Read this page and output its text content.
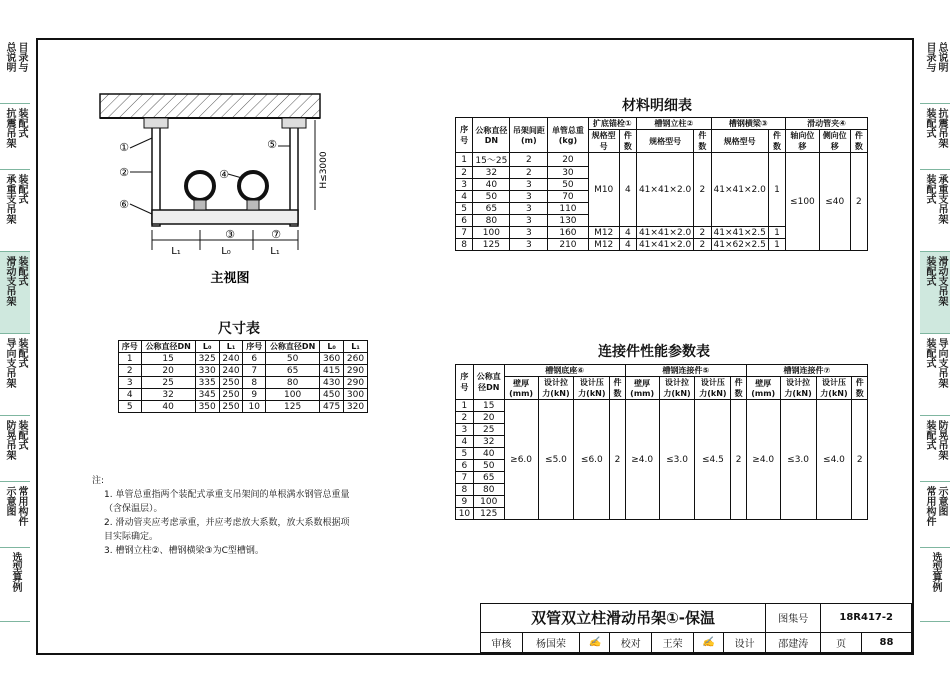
总说明 目录与
抗震吊架 装配式
承重支吊架 装配式
滑动支吊架 装配式
导向支吊架 装配式
防晃吊架 装配式
示意图 常用构件
选型算例
目录与 总说明
装配式 抗震吊架
装配式 承重支吊架
装配式 滑动支吊架
装配式 导向支吊架
装配式 防晃吊架
常用构件 示意图
选型算例
①
②
③
④
⑤
⑥
⑦
L₁	L₀	L₁
H≤3000
主视图
尺寸表
序号	公称直径DN	L₀	L₁	序号	公称直径DN	L₀	L₁
1	15	325	240	6	50	360	260
2	20	330	240	7	65	415	290
3	25	335	250	8	80	430	290
4	32	345	250	9	100	450	300
5	40	350	250	10	125	475	320
注:
1. 单管总重指两个装配式承重支吊架间的单根满水钢管总重量
（含保温层）。
2. 滑动管夹应考虑承重，并应考虑放大系数，放大系数根据项
目实际确定。
3. 槽钢立柱②、槽钢横梁③为C型槽钢。
材料明细表
序号	公称直径DN	吊架间距(m)	单管总重(kg)	扩底锚栓①		槽钢立柱②		槽钢横梁③		滑动管夹④		
				规格型号	件数	规格型号	件数	规格型号	件数	轴向位移	侧向位移	件数
1	15～25	2	20	M10	4	41×41×2.0	2	41×41×2.0	1	≤100	≤40	2
2	32	2	30									
3	40	3	50									
4	50	3	70									
5	65	3	110									
6	80	3	130									
7	100	3	160	M12	4	41×41×2.0	2	41×41×2.5	1			
8	125	3	210	M12	4	41×41×2.0	2	41×62×2.5	1			
连接件性能参数表
序号	公称直径DN	槽钢底座⑥				槽钢连接件⑤				槽钢连接件⑦			
		壁厚(mm)	设计拉力(kN)	设计压力(kN)	件数	壁厚(mm)	设计拉力(kN)	设计压力(kN)	件数	壁厚(mm)	设计拉力(kN)	设计压力(kN)	件数
1	15	≥6.0	≤5.0	≤6.0	2	≥4.0	≤3.0	≤4.5	2	≥4.0	≤3.0	≤4.0	2
2	20												
3	25												
4	32												
5	40												
6	50												
7	65												
8	80												
9	100												
10	125												
双管双立柱滑动吊架①-保温							图集号	18R417-2	
审核	杨国荣	✍	校对	王荣	✍	设计	邵建涛	页	88
